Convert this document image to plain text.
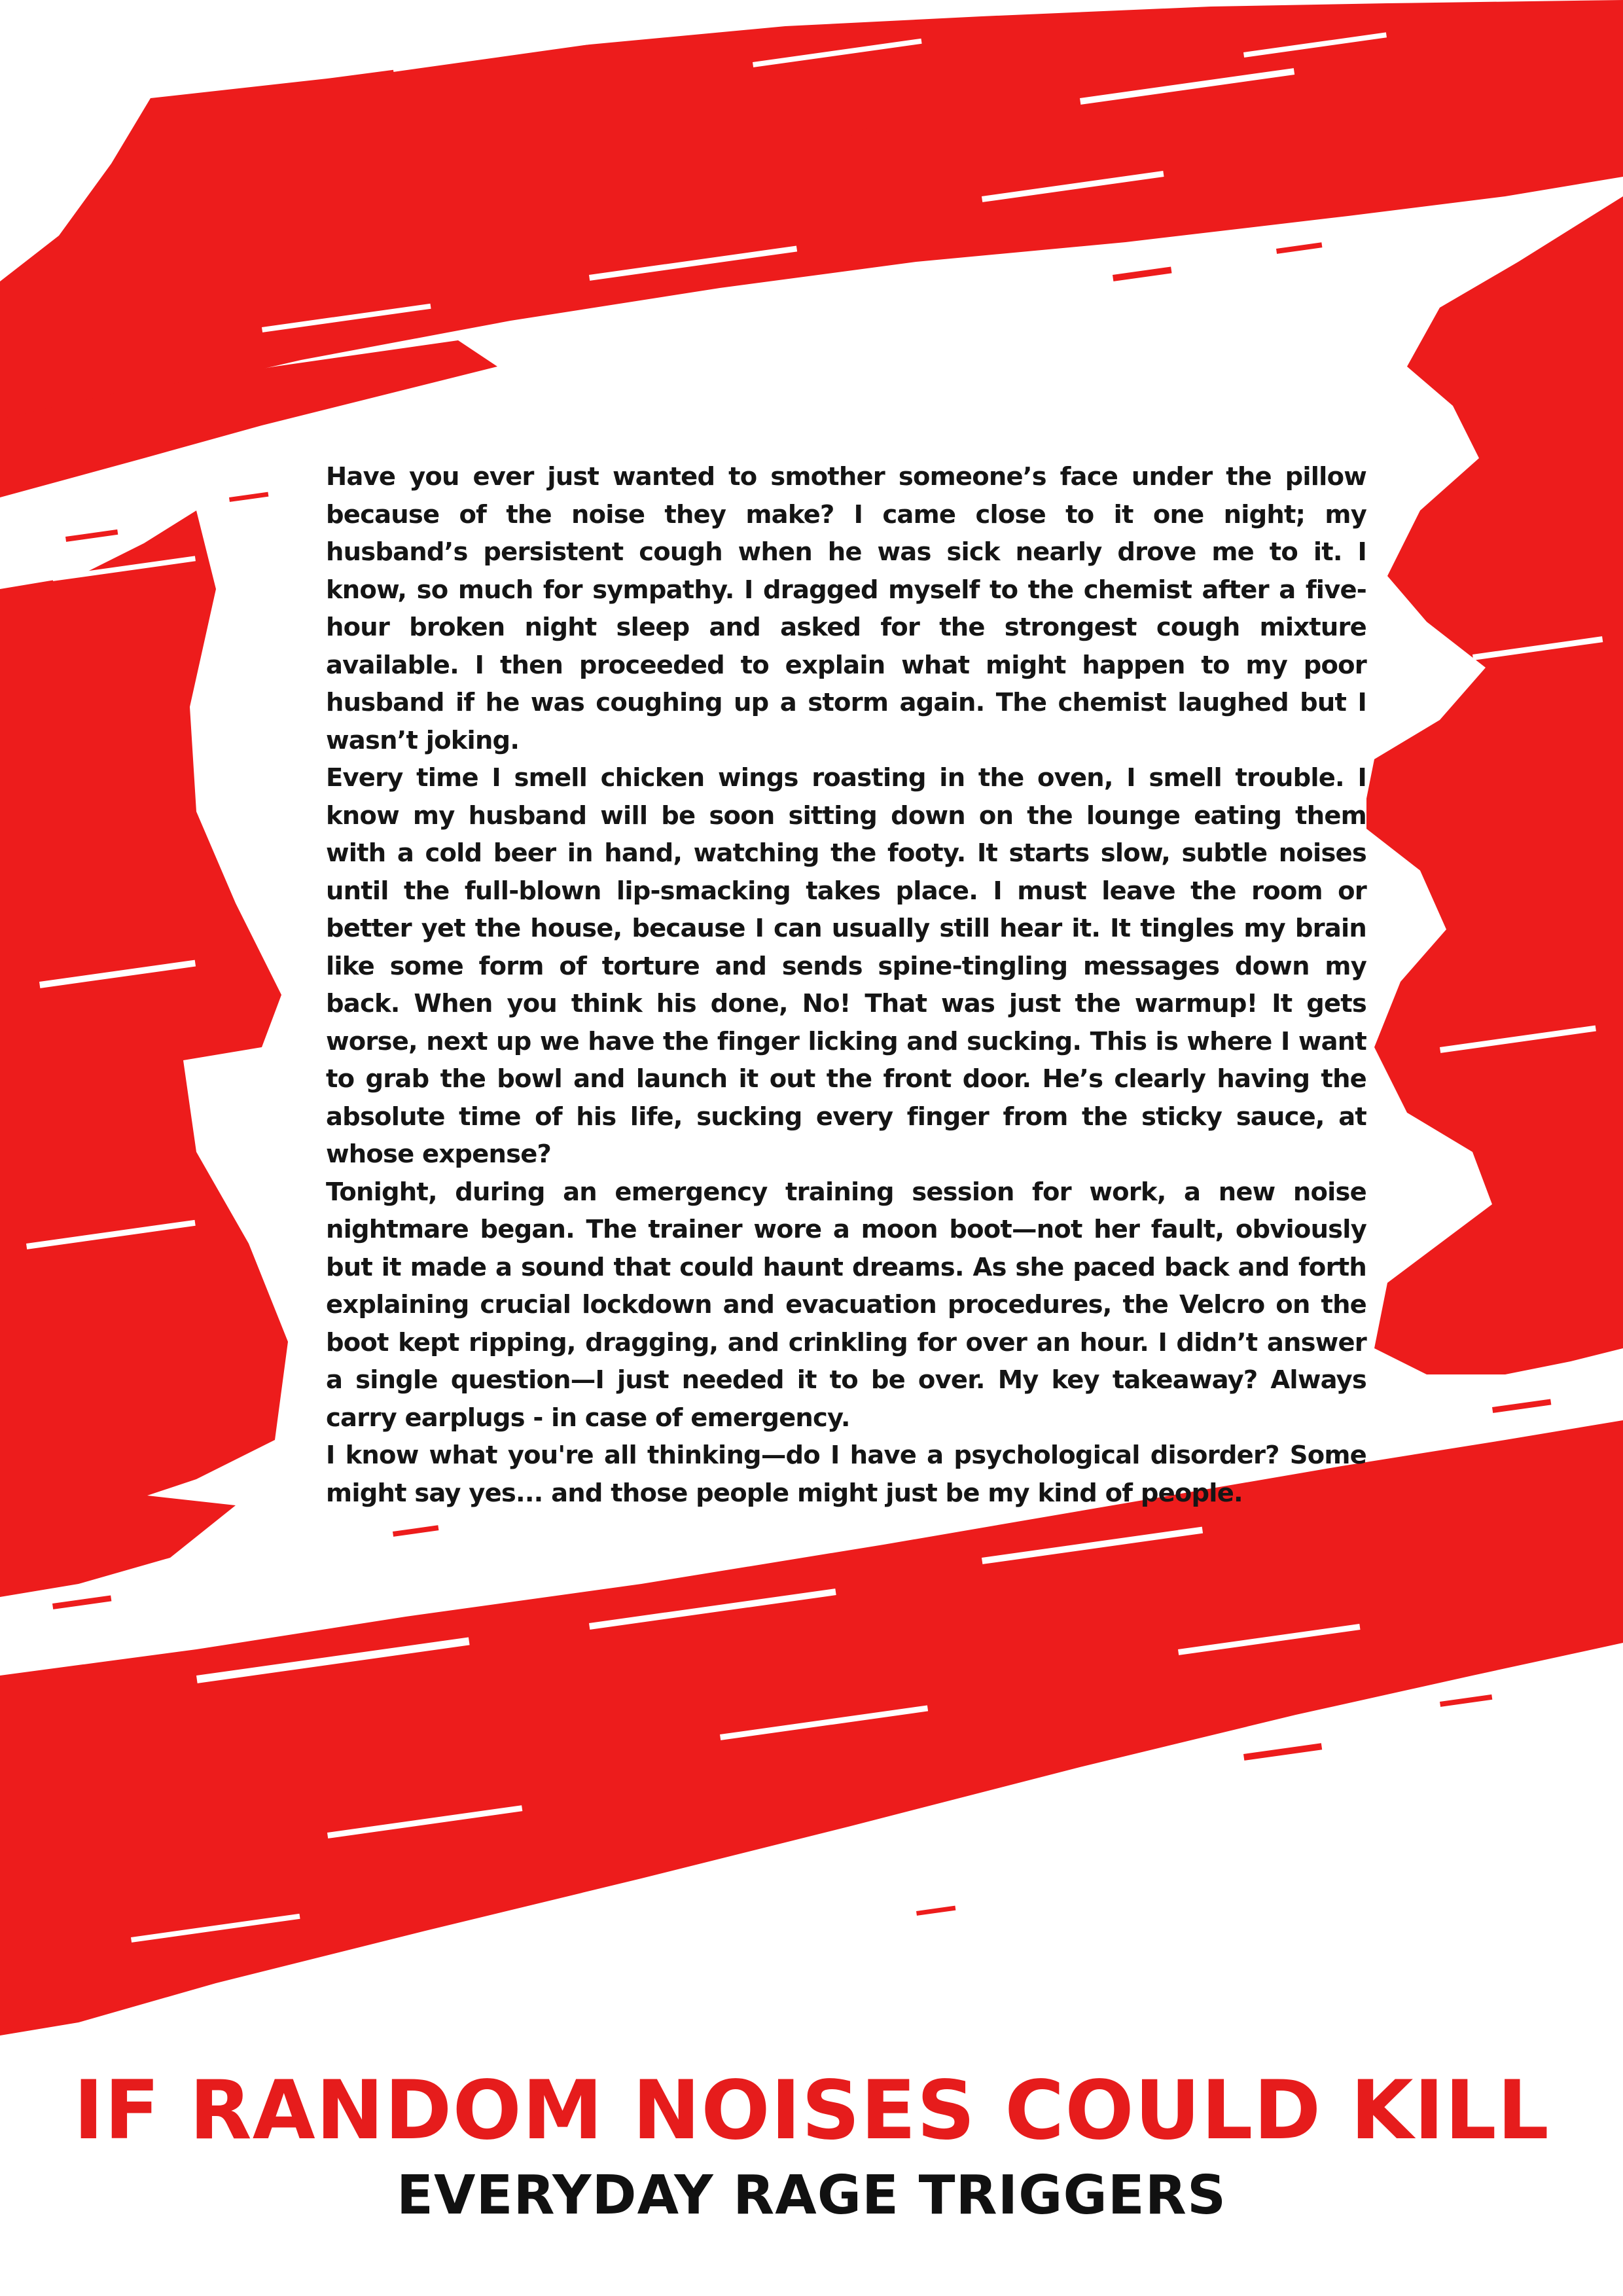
Have you ever just wanted to smother someone’s face under the pillow because of the noise they make? I came close to it one night; my husband’s persistent cough when he was sick nearly drove me to it. I know, so much for sympathy. I dragged myself to the chemist after a five-hour broken night sleep and asked for the strongest cough mixture available. I then proceeded to explain what might happen to my poor husband if he was coughing up a storm again. The chemist laughed but I wasn’t joking.

Every time I smell chicken wings roasting in the oven, I smell trouble. I know my husband will be soon sitting down on the lounge eating them with a cold beer in hand, watching the footy. It starts slow, subtle noises until the full-blown lip-smacking takes place. I must leave the room or better yet the house, because I can usually still hear it. It tingles my brain like some form of torture and sends spine-tingling messages down my back. When you think his done, No! That was just the warmup! It gets worse, next up we have the finger licking and sucking. This is where I want to grab the bowl and launch it out the front door. He’s clearly having the absolute time of his life, sucking every finger from the sticky sauce, at whose expense?

Tonight, during an emergency training session for work, a new noise nightmare began. The trainer wore a moon boot—not her fault, obviously but it made a sound that could haunt dreams. As she paced back and forth explaining crucial lockdown and evacuation procedures, the Velcro on the boot kept ripping, dragging, and crinkling for over an hour. I didn’t answer a single question—I just needed it to be over. My key takeaway? Always carry earplugs - in case of emergency.

I know what you're all thinking—do I have a psychological disorder? Some might say yes... and those people might just be my kind of people.

IF RANDOM NOISES COULD KILL
EVERYDAY RAGE TRIGGERS
